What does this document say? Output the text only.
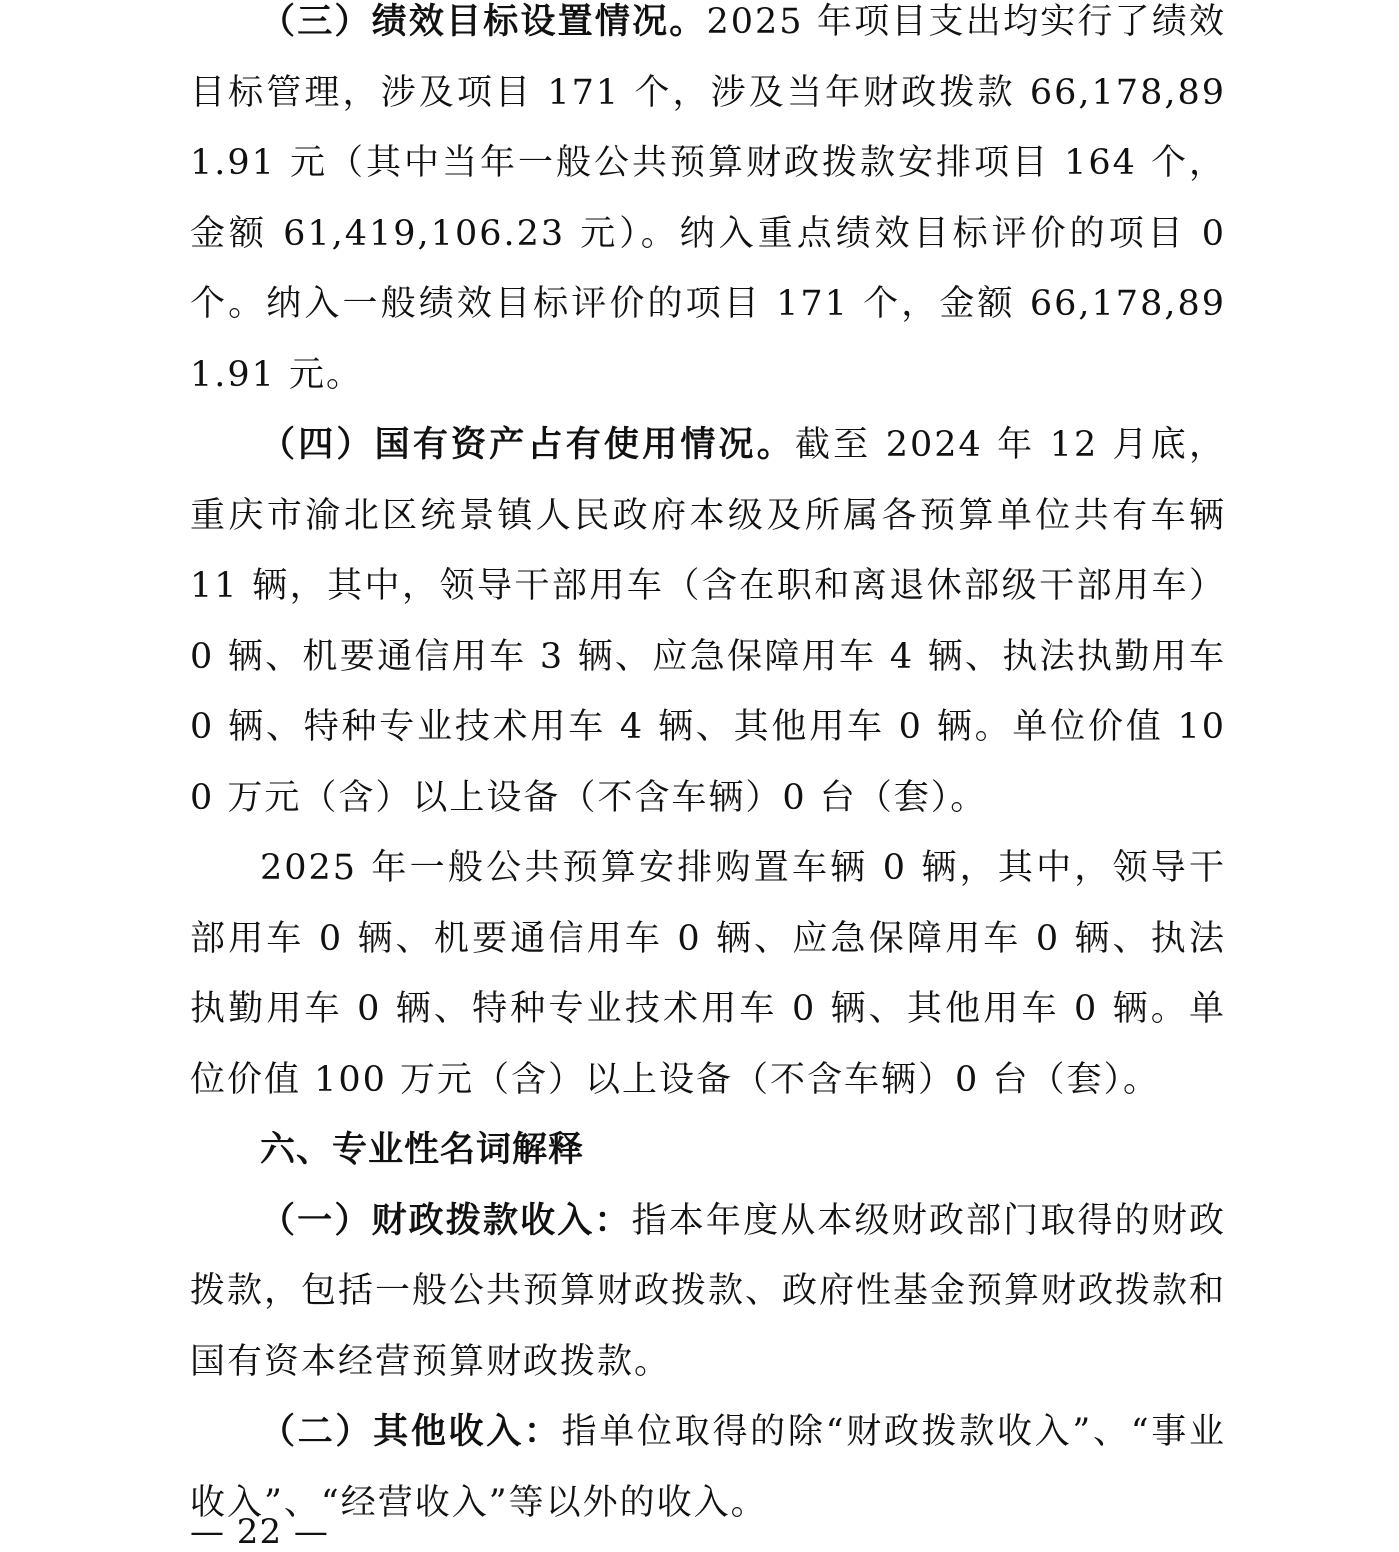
（三）绩效目标设置情况。2025 年项目支出均实行了绩效目标管理，涉及项目 171 个，涉及当年财政拨款 66,178,891.91 元（其中当年一般公共预算财政拨款安排项目 164 个，金额 61,419,106.23 元）。纳入重点绩效目标评价的项目 0 个。纳入一般绩效目标评价的项目 171 个，金额 66,178,891.91 元。

（四）国有资产占有使用情况。截至 2024 年 12 月底，重庆市渝北区统景镇人民政府本级及所属各预算单位共有车辆 11 辆，其中，领导干部用车（含在职和离退休部级干部用车）0 辆、机要通信用车 3 辆、应急保障用车 4 辆、执法执勤用车 0 辆、特种专业技术用车 4 辆、其他用车 0 辆。单位价值 100 万元（含）以上设备（不含车辆）0 台（套）。

2025 年一般公共预算安排购置车辆 0 辆，其中，领导干部用车 0 辆、机要通信用车 0 辆、应急保障用车 0 辆、执法执勤用车 0 辆、特种专业技术用车 0 辆、其他用车 0 辆。单位价值 100 万元（含）以上设备（不含车辆）0 台（套）。

六、专业性名词解释

（一）财政拨款收入：指本年度从本级财政部门取得的财政拨款，包括一般公共预算财政拨款、政府性基金预算财政拨款和国有资本经营预算财政拨款。

（二）其他收入：指单位取得的除“财政拨款收入”、“事业收入”、“经营收入”等以外的收入。

— 22 —
